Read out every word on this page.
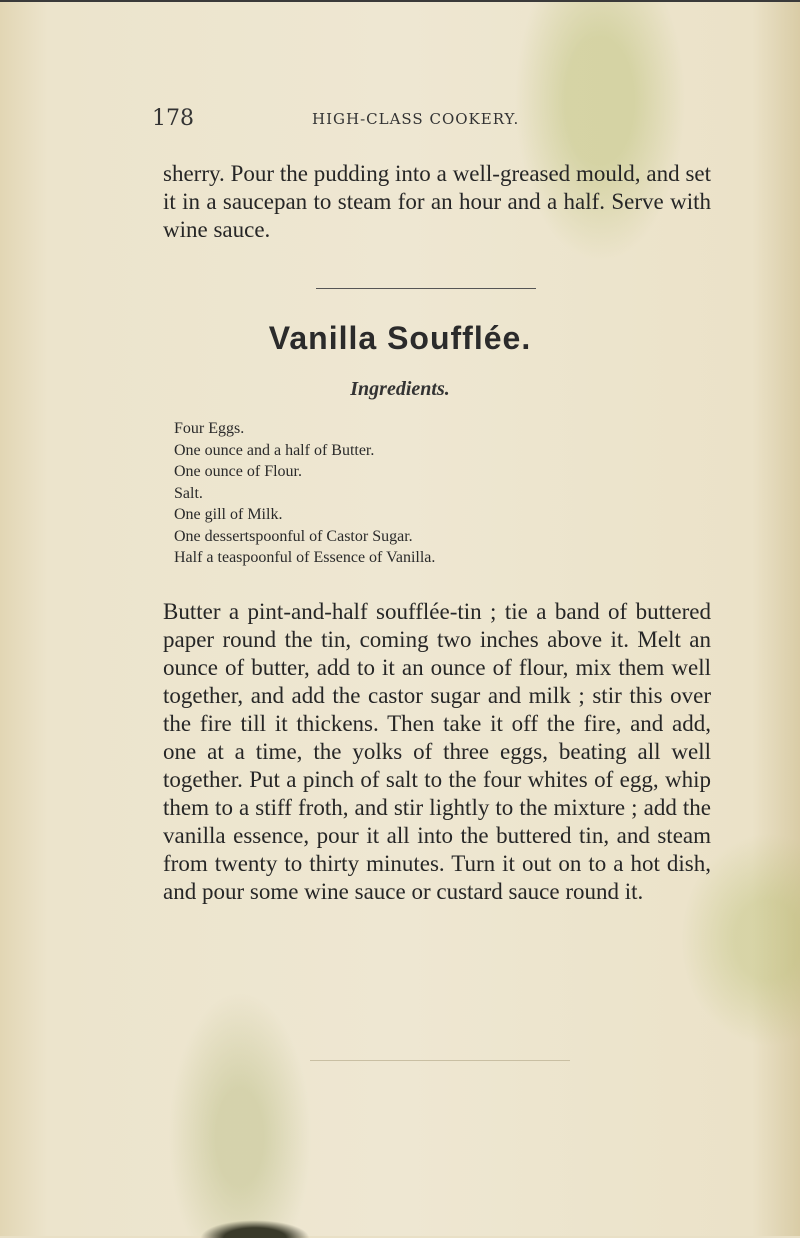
178	HIGH-CLASS COOKERY.

sherry. Pour the pudding into a well-greased mould, and set it in a saucepan to steam for an hour and a half. Serve with wine sauce.

Vanilla Soufflée.
Ingredients.
Four Eggs.
One ounce and a half of Butter.
One ounce of Flour.
Salt.
One gill of Milk.
One dessertspoonful of Castor Sugar.
Half a teaspoonful of Essence of Vanilla.

Butter a pint-and-half soufflée-tin ; tie a band of buttered paper round the tin, coming two inches above it. Melt an ounce of butter, add to it an ounce of flour, mix them well together, and add the castor sugar and milk ; stir this over the fire till it thickens. Then take it off the fire, and add, one at a time, the yolks of three eggs, beating all well together. Put a pinch of salt to the four whites of egg, whip them to a stiff froth, and stir lightly to the mixture ; add the vanilla essence, pour it all into the buttered tin, and steam from twenty to thirty minutes. Turn it out on to a hot dish, and pour some wine sauce or custard sauce round it.
